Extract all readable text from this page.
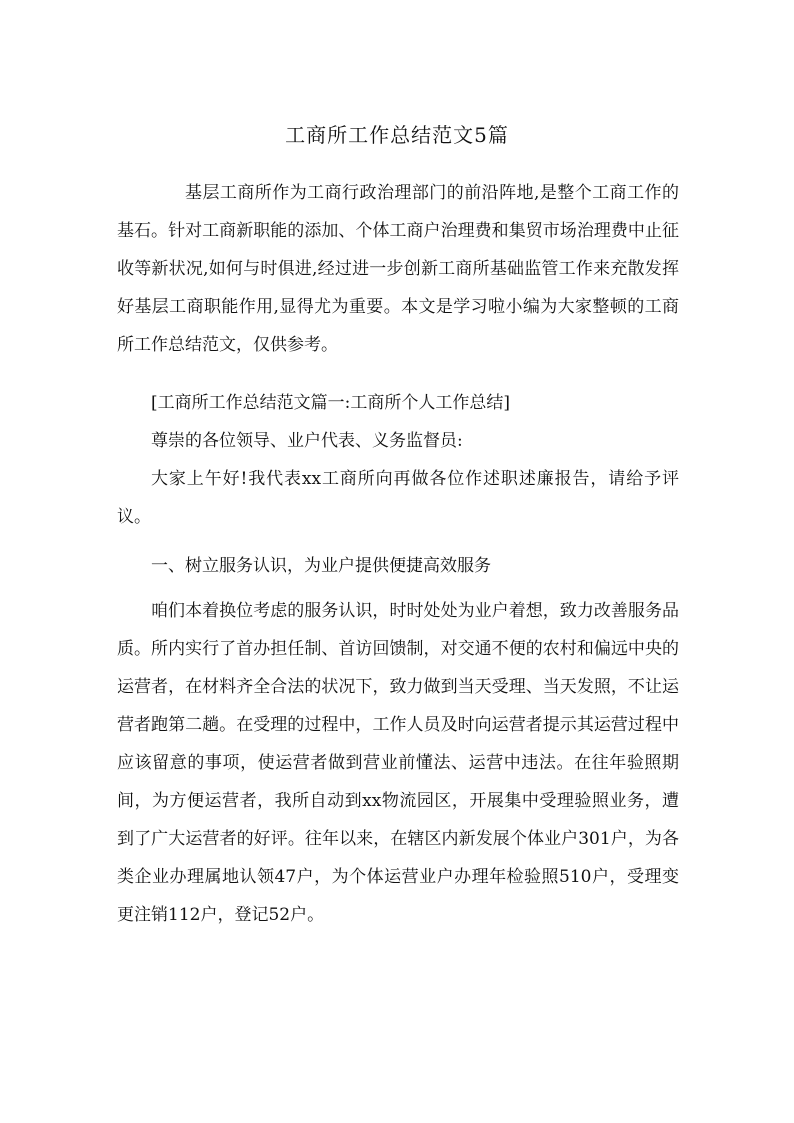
工商所工作总结范文5篇

基层工商所作为工商行政治理部门的前沿阵地,是整个工商工作的基石。针对工商新职能的添加、个体工商户治理费和集贸市场治理费中止征收等新状况,如何与时俱进,经过进一步创新工商所基础监管工作来充散发挥好基层工商职能作用,显得尤为重要。本文是学习啦小编为大家整顿的工商所工作总结范文，仅供参考。

[工商所工作总结范文篇一:工商所个人工作总结]

尊崇的各位领导、业户代表、义务监督员:

大家上午好!我代表xx工商所向再做各位作述职述廉报告，请给予评议。

一、树立服务认识，为业户提供便捷高效服务

咱们本着换位考虑的服务认识，时时处处为业户着想，致力改善服务品质。所内实行了首办担任制、首访回馈制，对交通不便的农村和偏远中央的运营者，在材料齐全合法的状况下，致力做到当天受理、当天发照，不让运营者跑第二趟。在受理的过程中，工作人员及时向运营者提示其运营过程中应该留意的事项，使运营者做到营业前懂法、运营中违法。在往年验照期间，为方便运营者，我所自动到xx物流园区，开展集中受理验照业务，遭到了广大运营者的好评。往年以来，在辖区内新发展个体业户301户，为各类企业办理属地认领47户，为个体运营业户办理年检验照510户，受理变更注销112户，登记52户。
